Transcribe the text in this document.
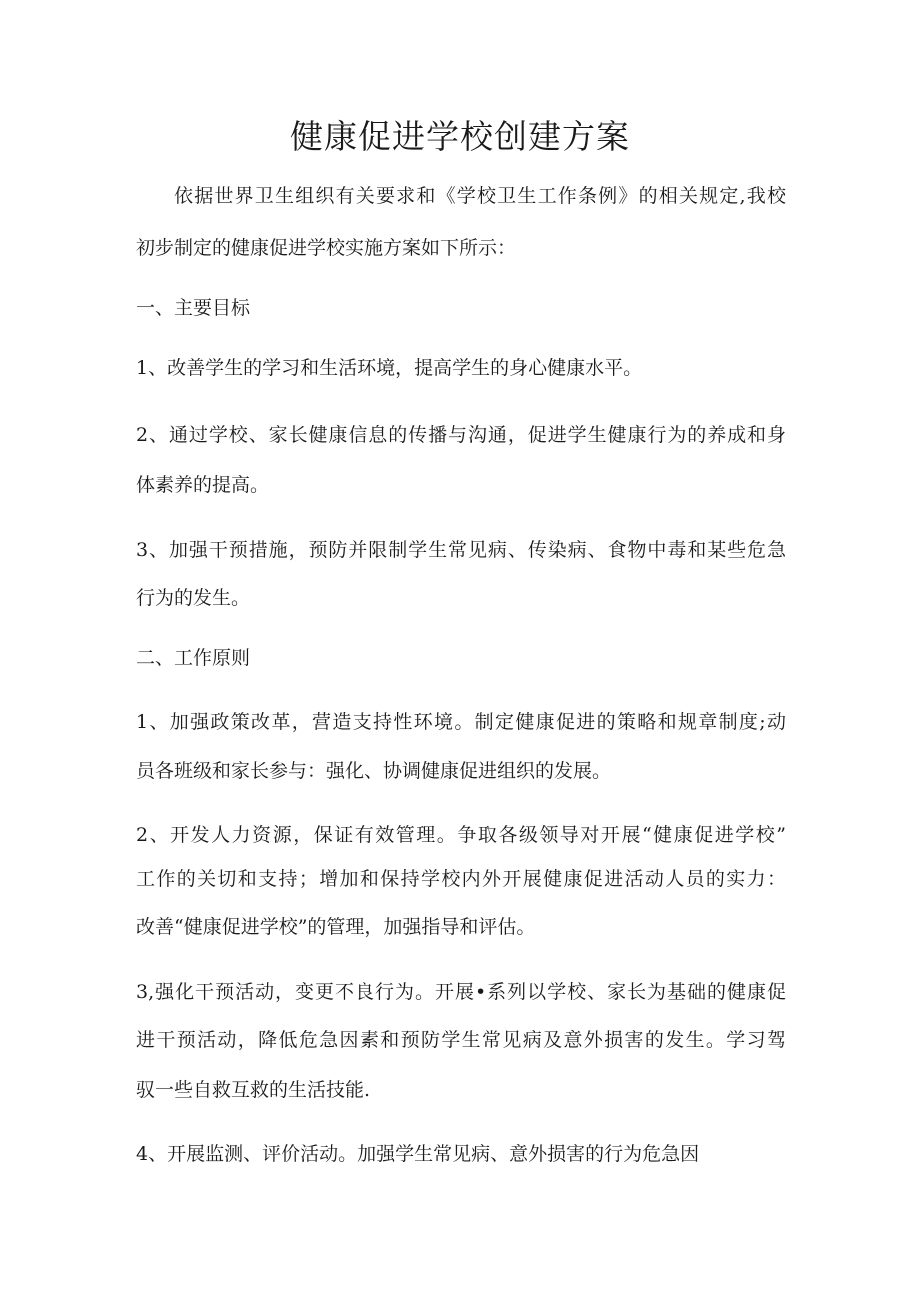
健康促进学校创建方案

依据世界卫生组织有关要求和《学校卫生工作条例》的相关规定,我校

初步制定的健康促进学校实施方案如下所示：

一、主要目标

1、改善学生的学习和生活环境，提高学生的身心健康水平。

2、通过学校、家长健康信息的传播与沟通，促进学生健康行为的养成和身

体素养的提高。

3、加强干预措施，预防并限制学生常见病、传染病、食物中毒和某些危急

行为的发生。

二、工作原则

1、加强政策改革，营造支持性环境。制定健康促进的策略和规章制度;动

员各班级和家长参与：强化、协调健康促进组织的发展。

2、开发人力资源，保证有效管理。争取各级领导对开展“健康促进学校”

工作的关切和支持；增加和保持学校内外开展健康促进活动人员的实力：

改善“健康促进学校”的管理，加强指导和评估。

3,强化干预活动，变更不良行为。开展•系列以学校、家长为基础的健康促

进干预活动，降低危急因素和预防学生常见病及意外损害的发生。学习驾

驭一些自救互救的生活技能.

4、开展监测、评价活动。加强学生常见病、意外损害的行为危急因
